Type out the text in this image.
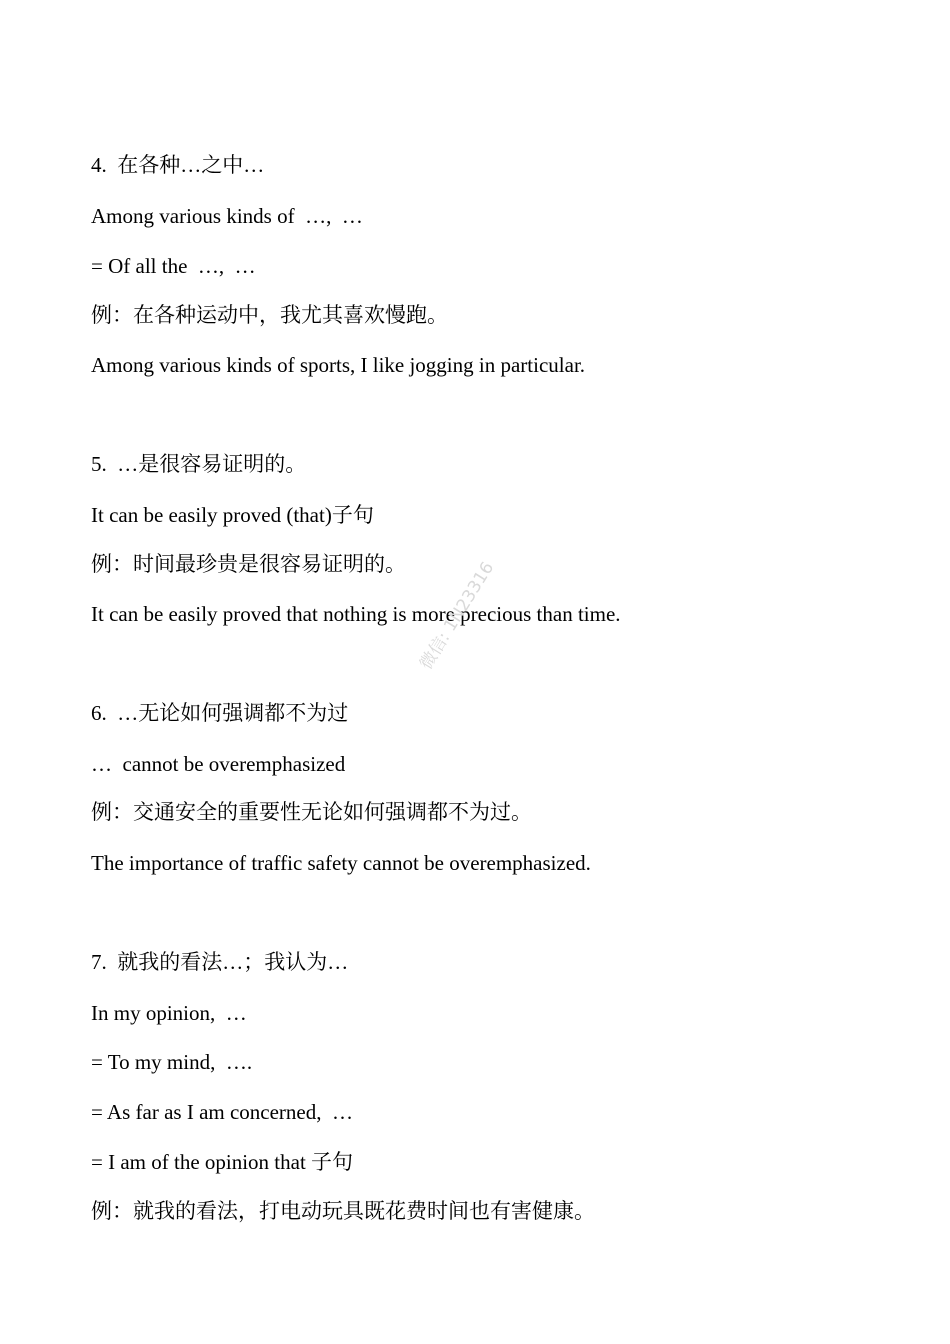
4.  在各种…之中…
Among various kinds of  …,  …
= Of all the  …,  …
例：在各种运动中，我尤其喜欢慢跑。
Among various kinds of sports, I like jogging in particular.
5.  …是很容易证明的。
It can be easily proved (that)子句
例：时间最珍贵是很容易证明的。
It can be easily proved that nothing is more precious than time.
6.  …无论如何强调都不为过
…  cannot be overemphasized
例：交通安全的重要性无论如何强调都不为过。
The importance of traffic safety cannot be overemphasized.
7.  就我的看法…；我认为…
In my opinion,  …
= To my mind,  ….
= As far as I am concerned,  …
= I am of the opinion that 子句
例：就我的看法，打电动玩具既花费时间也有害健康。
微信: 1N23316
